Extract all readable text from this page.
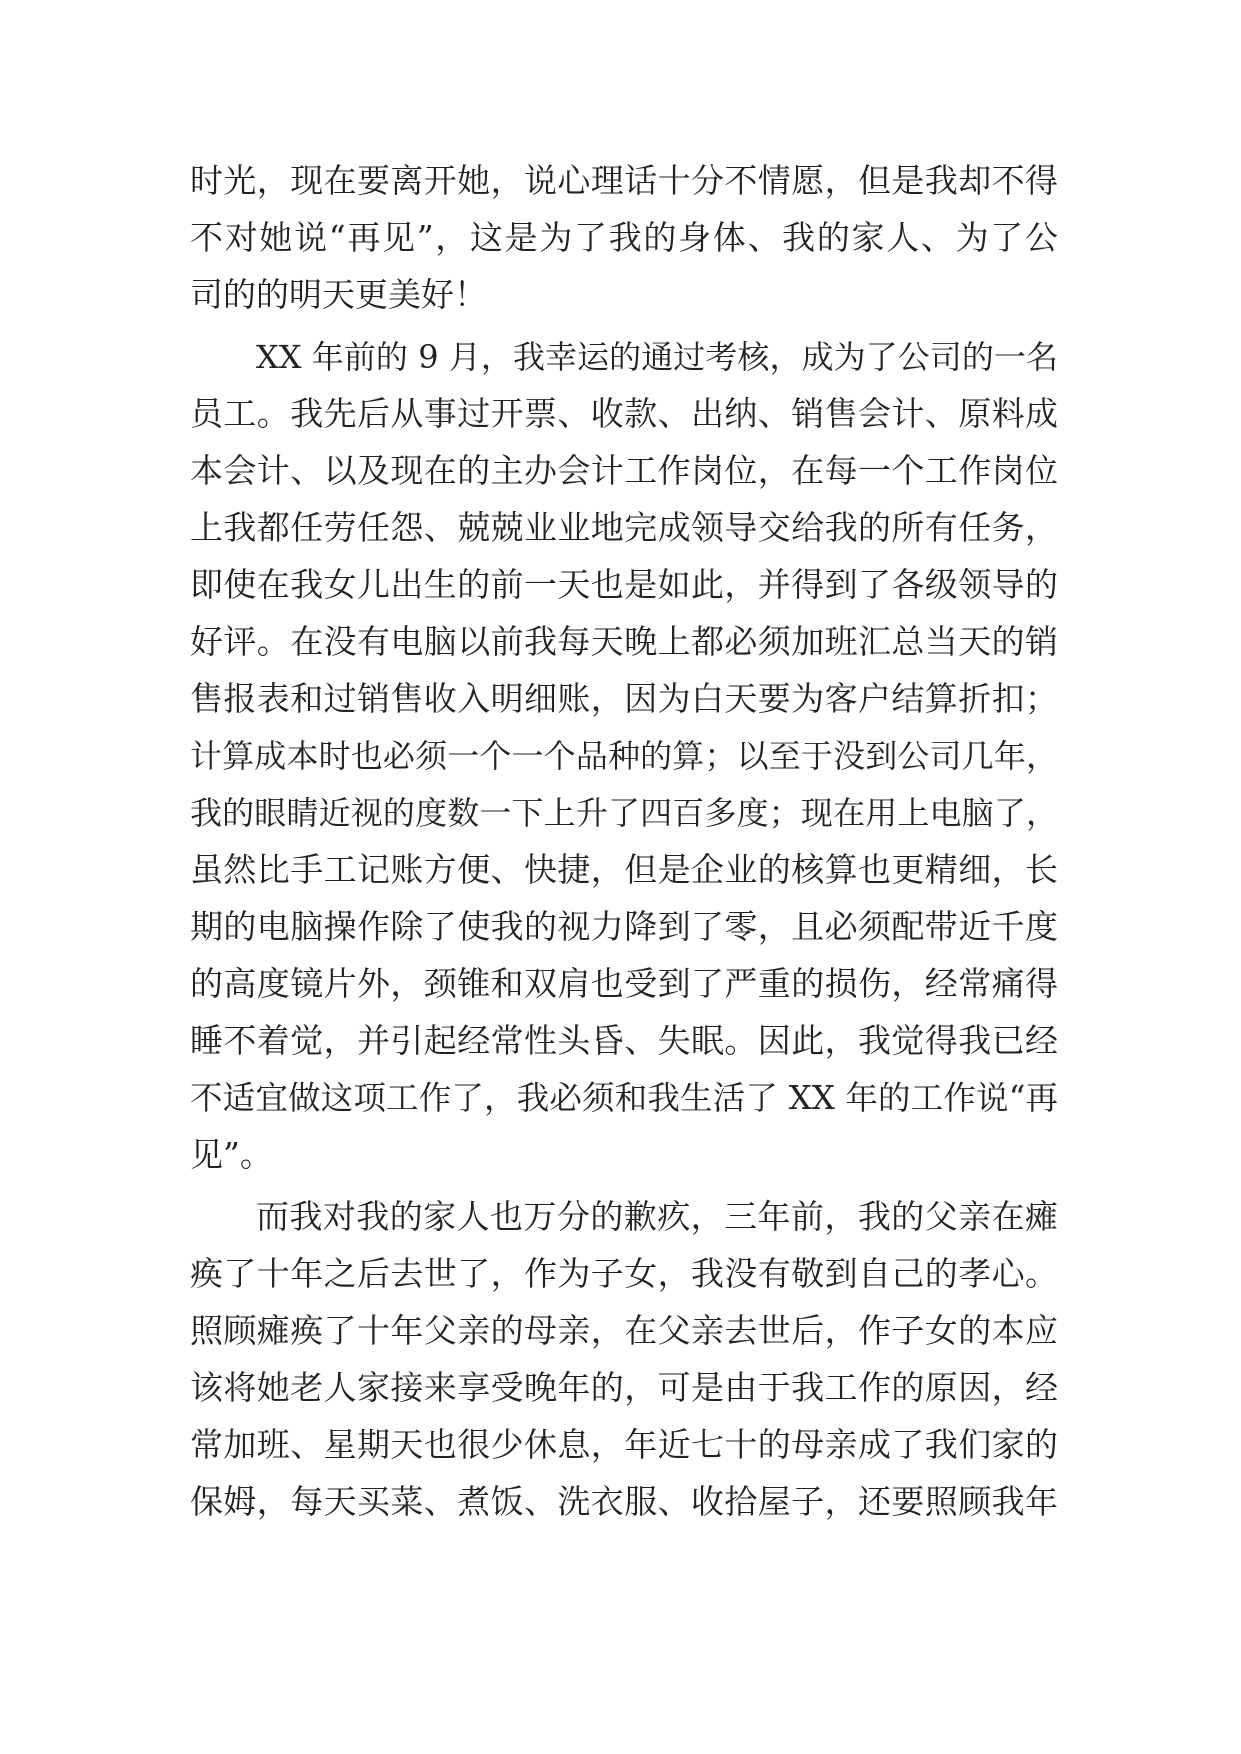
时光，现在要离开她，说心理话十分不情愿，但是我却不得
不对她说“再见”，这是为了我的身体、我的家人、为了公
司的的明天更美好！
XX 年前的 9 月，我幸运的通过考核，成为了公司的一名
员工。我先后从事过开票、收款、出纳、销售会计、原料成
本会计、以及现在的主办会计工作岗位，在每一个工作岗位
上我都任劳任怨、兢兢业业地完成领导交给我的所有任务，
即使在我女儿出生的前一天也是如此，并得到了各级领导的
好评。在没有电脑以前我每天晚上都必须加班汇总当天的销
售报表和过销售收入明细账，因为白天要为客户结算折扣；
计算成本时也必须一个一个品种的算；以至于没到公司几年，
我的眼睛近视的度数一下上升了四百多度；现在用上电脑了，
虽然比手工记账方便、快捷，但是企业的核算也更精细，长
期的电脑操作除了使我的视力降到了零，且必须配带近千度
的高度镜片外，颈锥和双肩也受到了严重的损伤，经常痛得
睡不着觉，并引起经常性头昏、失眠。因此，我觉得我已经
不适宜做这项工作了，我必须和我生活了 XX 年的工作说“再
见”。
而我对我的家人也万分的歉疚，三年前，我的父亲在瘫
痪了十年之后去世了，作为子女，我没有敬到自己的孝心。
照顾瘫痪了十年父亲的母亲，在父亲去世后，作子女的本应
该将她老人家接来享受晚年的，可是由于我工作的原因，经
常加班、星期天也很少休息，年近七十的母亲成了我们家的
保姆，每天买菜、煮饭、洗衣服、收拾屋子，还要照顾我年
